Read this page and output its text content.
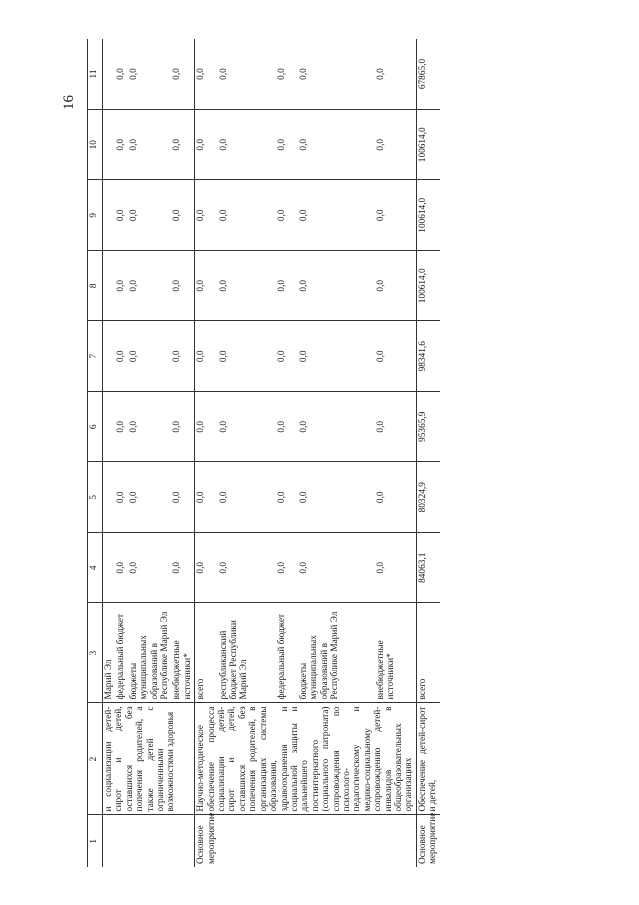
16
1	2	3	4	5	6	7	8	9	10	11
	и социализации детей-сирот и детей, оставшихся без попечения родителей, а также детей с ограниченными возможностями здоровья	Марий Эл								
		федеральный бюджет	0,0	0,0	0,0	0,0	0,0	0,0	0,0	0,0
		бюджеты муниципальных образований в Республике Марий Эл	0,0	0,0	0,0	0,0	0,0	0,0	0,0	0,0
		внебюджетные источники*	0,0	0,0	0,0	0,0	0,0	0,0	0,0	0,0
Основное мероприятие	Научно-методическое обеспечение процесса социализации детей-сирот и детей, оставшихся без попечения родителей, в организациях системы образования, здравоохранения и социальной защиты и дальнейшего постинтернатного (социального патроната) сопровождения по психолого-педагогическому и медико-социальному сопровождению детей-инвалидов в общеобразовательных организациях	всего	0,0	0,0	0,0	0,0	0,0	0,0	0,0	0,0
		республиканский бюджет Республики Марий Эл	0,0	0,0	0,0	0,0	0,0	0,0	0,0	0,0
		федеральный бюджет	0,0	0,0	0,0	0,0	0,0	0,0	0,0	0,0
		бюджеты муниципальных образований в Республике Марий Эл	0,0	0,0	0,0	0,0	0,0	0,0	0,0	0,0
		внебюджетные источники*	0,0	0,0	0,0	0,0	0,0	0,0	0,0	0,0
Основное мероприятие	Обеспечение детей-сирот и детей,	всего	84063,1	80324,9	95365,9	98341,6	100614,0	100614,0	100614,0	67865,0
